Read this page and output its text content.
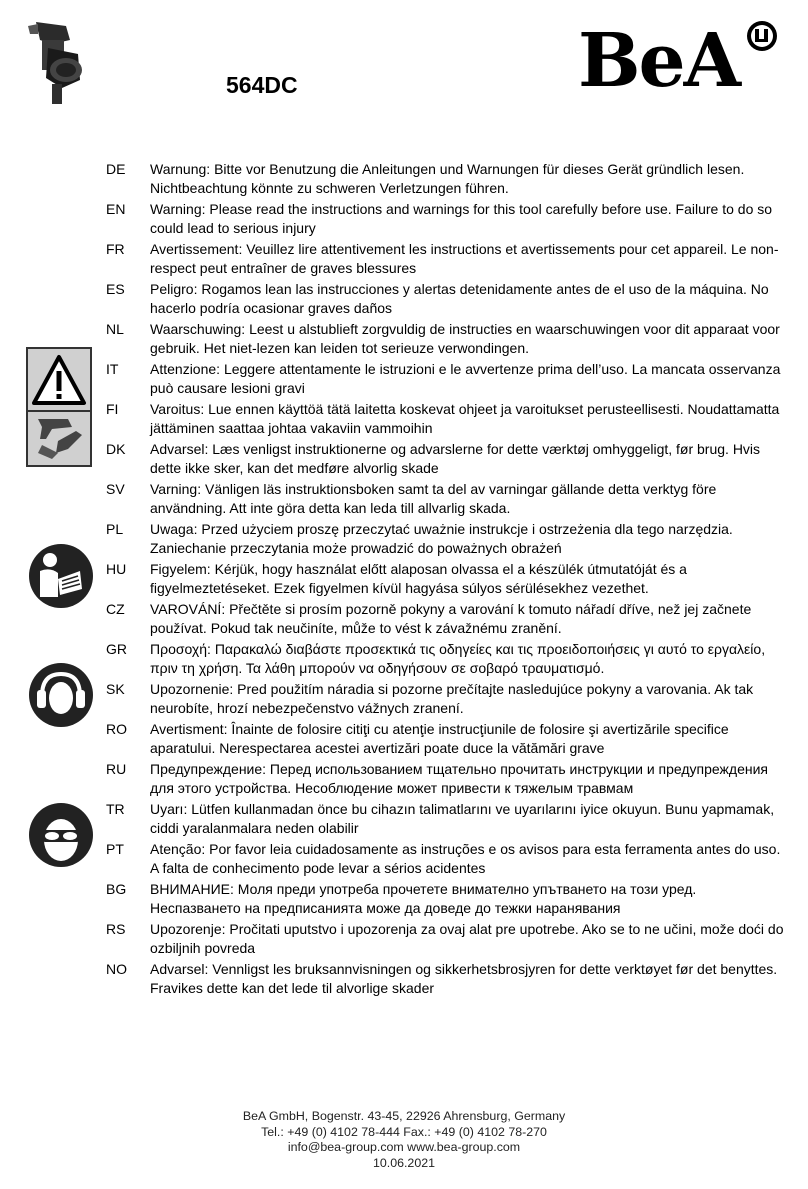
564DC	BeA
DE	Warnung: Bitte vor Benutzung die Anleitungen und Warnungen für dieses Gerät gründlich lesen. Nichtbeachtung könnte zu schweren Verletzungen führen.
EN	Warning: Please read the instructions and warnings for this tool carefully before use. Failure to do so could lead to serious injury
FR	Avertissement: Veuillez lire attentivement les instructions et avertissements pour cet appareil. Le non-respect peut entraîner de graves blessures
ES	Peligro: Rogamos lean las instrucciones y alertas detenidamente antes de el uso de la máquina. No hacerlo podría ocasionar graves daños
NL	Waarschuwing: Leest u alstublieft zorgvuldig de instructies en waarschuwingen voor dit apparaat voor gebruik. Het niet-lezen kan leiden tot serieuze verwondingen.
IT	Attenzione: Leggere attentamente le istruzioni e le avvertenze prima dell’uso. La mancata osservanza può causare lesioni gravi
FI	Varoitus: Lue ennen käyttöä tätä laitetta koskevat ohjeet ja varoitukset perusteellisesti. Noudattamatta jättäminen saattaa johtaa vakaviin vammoihin
DK	Advarsel: Læs venligst instruktionerne og advarslerne for dette værktøj omhyggeligt, før brug. Hvis dette ikke sker, kan det medføre alvorlig skade
SV	Varning: Vänligen läs instruktionsboken samt ta del av varningar gällande detta verktyg före användning. Att inte göra detta kan leda till allvarlig skada.
PL	Uwaga: Przed użyciem proszę przeczytać uważnie instrukcje i ostrzeżenia dla tego narzędzia. Zaniechanie przeczytania może prowadzić do poważnych obrażeń
HU	Figyelem: Kérjük, hogy használat előtt alaposan olvassa el a készülék útmutatóját és a figyelmeztetéseket. Ezek figyelmen kívül hagyása súlyos sérülésekhez vezethet.
CZ	VAROVÁNÍ: Přečtěte si prosím pozorně pokyny a varování k tomuto nářadí dříve, než jej začnete používat. Pokud tak neučiníte, může to vést k závažnému zranění.
GR	Προσοχή: Παρακαλώ διαβάστε προσεκτικά τις οδηγείες και τις προειδοποιήσεις γι αυτό το εργαλείο, πριν τη χρήση. Τα λάθη μπορούν να οδηγήσουν σε σοβαρό τραυματισμό.
SK	Upozornenie: Pred použitím náradia si pozorne prečítajte nasledujúce pokyny a varovania. Ak tak neurobíte, hrozí nebezpečenstvo vážnych zranení.
RO	Avertisment: Înainte de folosire citiţi cu atenţie instrucţiunile de folosire şi avertizările specifice aparatului. Nerespectarea acestei avertizări poate duce la vătămări grave
RU	Предупреждение: Перед использованием тщательно прочитать инструкции и предупреждения для этого устройства. Несоблюдение может привести к тяжелым травмам
TR	Uyarı: Lütfen kullanmadan önce bu cihazın talimatlarını ve uyarılarını iyice okuyun. Bunu yapmamak, ciddi yaralanmalara neden olabilir
PT	Atenção: Por favor leia cuidadosamente as instruções e os avisos para esta ferramenta antes do uso. A falta de conhecimento pode levar a sérios acidentes
BG	ВНИМАНИЕ: Моля преди употреба прочетете внимателно упътването на този уред. Неспазването на предписанията може да доведе до тежки наранявания
RS	Upozorenje: Pročitati uputstvo i upozorenja za ovaj alat pre upotrebe. Ako se to ne učini, može doći do ozbiljnih povreda
NO	Advarsel: Vennligst les bruksannvisningen og sikkerhetsbrosjyren for dette verktøyet før det benyttes. Fravikes dette kan det lede til alvorlige skader
BeA GmbH, Bogenstr. 43-45, 22926 Ahrensburg, Germany
Tel.: +49 (0) 4102 78-444 Fax.: +49 (0) 4102 78-270
info@bea-group.com www.bea-group.com
10.06.2021
